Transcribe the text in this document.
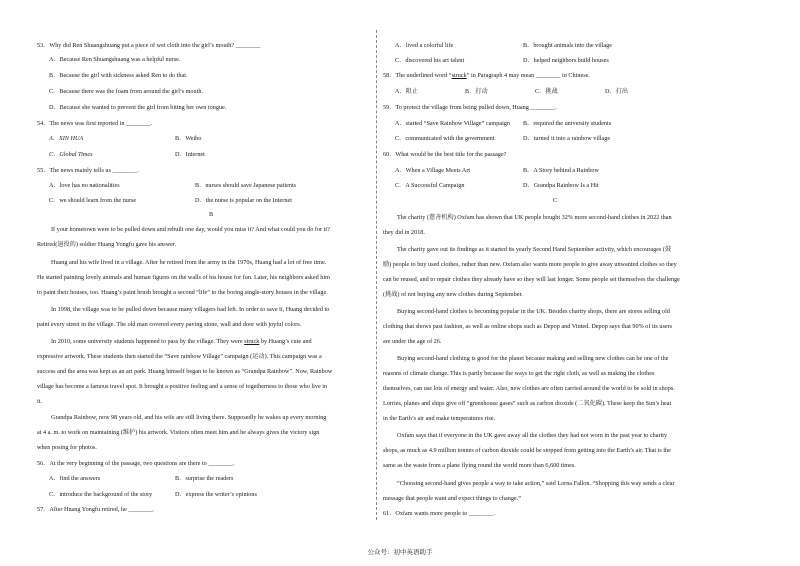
53．Why did Ren Shuangshuang put a piece of wet cloth into the girl’s mouth? ________
A．Because Ren Shuangshuang was a helpful nurse.
B．Because the girl with sickness asked Ren to do that.
C．Because there was the foam from around the girl’s mouth.
D．Because she wanted to prevent the girl from biting her own tongue.
54．The news was first reported in ________.
A．XIN HUA	B．Weibo
C．Global Times	D．Internet
55．The news mainly tells us ________.
A．love has no nationalities	B．nurses should save Japanese patients
C．we should learn from the nurse	D．the nurse is popular on the Internet
B
If your hometown were to be pulled down and rebuilt one day, would you miss it? And what could you do for it?
Retired(退役的) soldier Huang Yongfu gave his answer.
Huang and his wife lived in a village. After he retired from the army in the 1970s, Huang had a lot of free time.
He started painting lovely animals and human figures on the walls of his house for fun. Later, his neighbors asked him
to paint their houses, too. Huang’s paint brush brought a second “life” to the boring single-story houses in the village.
In 1998, the village was to be pulled down because many villagers had left. In order to save it, Huang decided to
paint every street in the village. The old man covered every paving stone, wall and door with joyful colors.
In 2010, some university students happened to pass by the village. They were struck by Huang’s cute and
expressive artwork. These students then started the “Save rainbow Village” campaign (运动). This campaign was a
success and the area was kept as an art park. Huang himself began to be known as “Grandpa Rainbow”. Now, Rainbow
village has become a famous travel spot. It brought a positive feeling and a sense of togetherness to those who live in
it.
Grandpa Rainbow, now 98 years old, and his wife are still living there. Supposedly he wakes up every morning
at 4 a. m. to work on maintaining (维护) his artwork. Visitors often meet him and he always gives the victory sign
when posing for photos.
56．At the very beginning of the passage, two questions are there to ________.
A．find the answers	B．surprise the readers
C．introduce the background of the story	D．express the writer’s opinions
57．After Huang Yongfu retired, he ________.
A．lived a colorful life	B．brought animals into the village
C．discovered his art talent	D．helped neighbors build houses
58．The underlined word “struck” in Paragraph 4 may mean ________ in Chinese.
A．阻止	B．打动	C．挑战	D．打出
59．To protect the village from being pulled down, Huang ________.
A．started “Save Rainbow Village” campaign B．required the university students
C．communicated with the government	D．turned it into a rainbow village
60．What would be the best title for the passage?
A．When a Village Meets Art	B．A Story behind a Rainbow
C．A Successful Campaign	D．Grandpa Rainbow Is a Hit
C
The charity (慈善机构) Oxfam has shown that UK people bought 32% more second-hand clothes in 2022 than
they did in 2018.
The charity gave out its findings as it started its yearly Second Hand September activity, which encourages (鼓
励) people to buy used clothes, rather than new. Oxfam also wants more people to give away unwanted clothes so they
can be reused, and to repair clothes they already have so they will last longer. Some people set themselves the challenge
(挑战) of not buying any new clothes during September.
Buying second-hand clothes is becoming popular in the UK. Besides charity shops, there are stores selling old
clothing that shows past fashion, as well as online shops such as Depop and Vinted. Depop says that 90% of its users
are under the age of 26.
Buying second-hand clothing is good for the planet because making and selling new clothes can be one of the
reasons of climate change. This is partly because the ways to get the right cloth, as well as making the clothes
themselves, can use lots of energy and water. Also, new clothes are often carried around the world to be sold in shops.
Lorries, planes and ships give off “greenhouse gases” such as carbon dioxide (二氧化碳). These keep the Sun’s heat
in the Earth’s air and make temperatures rise.
Oxfam says that if everyone in the UK gave away all the clothes they had not worn in the past year to charity
shops, as much as 4.9 million tonnes of carbon dioxide could be stopped from getting into the Earth’s air. That is the
same as the waste from a plane flying round the world more than 6,600 times.
“Choosing second-hand gives people a way to take action,” said Lorna Fallon. “Shopping this way sends a clear
message that people want and expect things to change.”
61．Oxfam wants more people to ________.
公众号：初中英语助手
